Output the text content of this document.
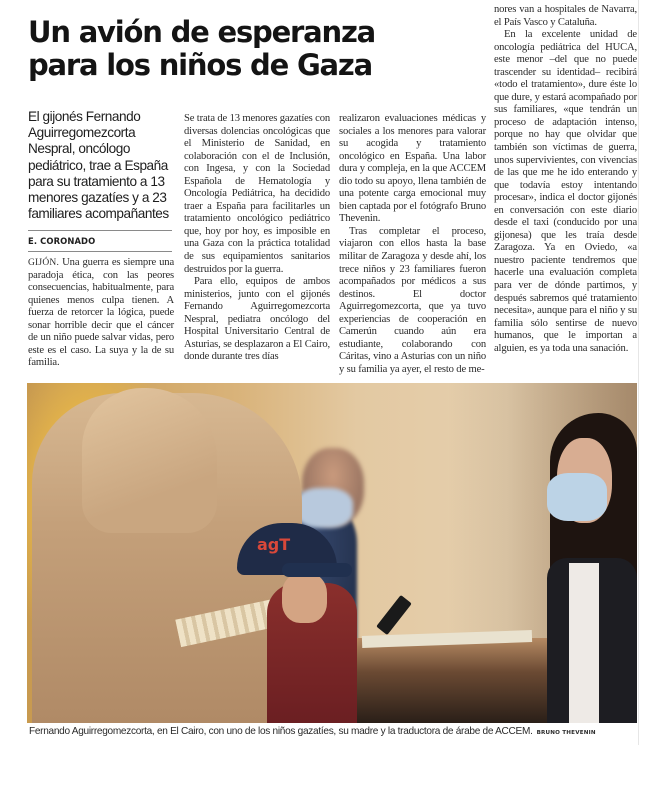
Un avión de esperanza
para los niños de Gaza

El gijonés Fernando Aguirregomezcorta Nespral, oncólogo pediátrico, trae a España para su tratamiento a 13 menores gazatíes y a 23 familiares acompañantes

E. CORONADO

GIJÓN. Una guerra es siempre una paradoja ética, con las peores consecuencias, habitualmente, para quienes menos culpa tienen. A fuerza de retorcer la lógica, puede sonar horrible decir que el cáncer de un niño puede salvar vidas, pero este es el caso. La suya y la de su familia.

Se trata de 13 menores gazatíes con diversas dolencias oncológicas que el Ministerio de Sanidad, en colaboración con el de Inclusión, con Ingesa, y con la Sociedad Española de Hematología y Oncología Pediátrica, ha decidido traer a España para facilitarles un tratamiento oncológico pediátrico que, hoy por hoy, es imposible en una Gaza con la práctica totalidad de sus equipamientos sanitarios destruidos por la guerra.

Para ello, equipos de ambos ministerios, junto con el gijonés Fernando Aguirregomezcorta Nespral, pediatra oncólogo del Hospital Universitario Central de Asturias, se desplazaron a El Cairo, donde durante tres días

realizaron evaluaciones médicas y sociales a los menores para valorar su acogida y tratamiento oncológico en España. Una labor dura y compleja, en la que ACCEM dio todo su apoyo, llena también de una potente carga emocional muy bien captada por el fotógrafo Bruno Thevenin.

Tras completar el proceso, viajaron con ellos hasta la base militar de Zaragoza y desde ahí, los trece niños y 23 familiares fueron acompañados por médicos a sus destinos. El doctor Aguirregomezcorta, que ya tuvo experiencias de cooperación en Camerún cuando aún era estudiante, colaborando con Cáritas, vino a Asturias con un niño y su familia ya ayer, el resto de me-

nores van a hospitales de Navarra, el País Vasco y Cataluña.

En la excelente unidad de oncología pediátrica del HUCA, este menor –del que no puede trascender su identidad– recibirá «todo el tratamiento», dure éste lo que dure, y estará acompañado por sus familiares, «que tendrán un proceso de adaptación intenso, porque no hay que olvidar que también son víctimas de guerra, unos supervivientes, con vivencias de las que me he ido enterando y que todavía estoy intentando procesar», indica el doctor gijonés en conversación con este diario desde el taxi (conducido por una gijonesa) que les traía desde Zaragoza. Ya en Oviedo, «a nuestro paciente tendremos que hacerle una evaluación completa para ver de dónde partimos, y después sabremos qué tratamiento necesita», aunque para el niño y su familia sólo sentirse de nuevo humanos, que le importan a alguien, es ya toda una sanación.

agT

Fernando Aguirregomezcorta, en El Cairo, con uno de los niños gazatíes, su madre y la traductora de árabe de ACCEM. BRUNO THEVENIN
